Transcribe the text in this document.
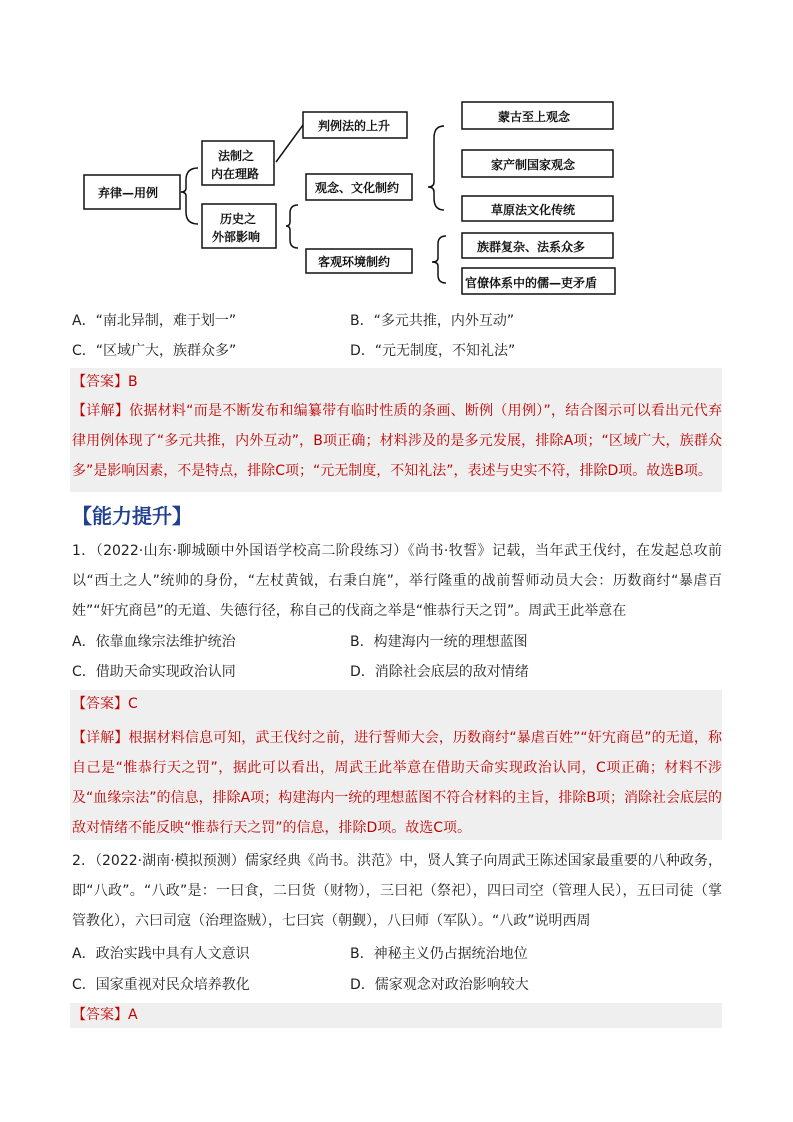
弃律—用例
法制之
内在理路
历史之
外部影响
判例法的上升
观念、文化制约
客观环境制约
蒙古至上观念
家产制国家观念
草原法文化传统
族群复杂、法系众多
官僚体系中的儒—吏矛盾
A．“南北异制，难于划一”	B．“多元共推，内外互动”
C．“区域广大，族群众多”	D．“元无制度，不知礼法”
【答案】B
【详解】依据材料“而是不断发布和编纂带有临时性质的条画、断例（用例）”，结合图示可以看出元代弃律用例体现了“多元共推，内外互动”，B项正确；材料涉及的是多元发展，排除A项；“区域广大，族群众多”是影响因素，不是特点，排除C项；“元无制度，不知礼法”，表述与史实不符，排除D项。故选B项。
【能力提升】
1．（2022·山东·聊城颐中外国语学校高二阶段练习）《尚书·牧誓》记载，当年武王伐纣，在发起总攻前以“西土之人”统帅的身份，“左杖黄钺，右秉白旄”，举行隆重的战前誓师动员大会：历数商纣“暴虐百姓”“奸宄商邑”的无道、失德行径，称自己的伐商之举是“惟恭行天之罚”。周武王此举意在
A．依靠血缘宗法维护统治	B．构建海内一统的理想蓝图
C．借助天命实现政治认同	D．消除社会底层的敌对情绪
【答案】C
【详解】根据材料信息可知，武王伐纣之前，进行誓师大会，历数商纣“暴虐百姓”“奸宄商邑”的无道，称自己是“惟恭行天之罚”，据此可以看出，周武王此举意在借助天命实现政治认同，C项正确；材料不涉及“血缘宗法”的信息，排除A项；构建海内一统的理想蓝图不符合材料的主旨，排除B项；消除社会底层的敌对情绪不能反映“惟恭行天之罚”的信息，排除D项。故选C项。
2．（2022·湖南·模拟预测）儒家经典《尚书。洪范》中，贤人箕子向周武王陈述国家最重要的八种政务，即“八政”。“八政”是：一曰食，二曰货（财物），三曰祀（祭祀），四曰司空（管理人民），五曰司徒（掌管教化），六曰司寇（治理盗贼），七曰宾（朝觐），八曰师（军队）。“八政”说明西周
A．政治实践中具有人文意识	B．神秘主义仍占据统治地位
C．国家重视对民众培养教化	D．儒家观念对政治影响较大
【答案】A
